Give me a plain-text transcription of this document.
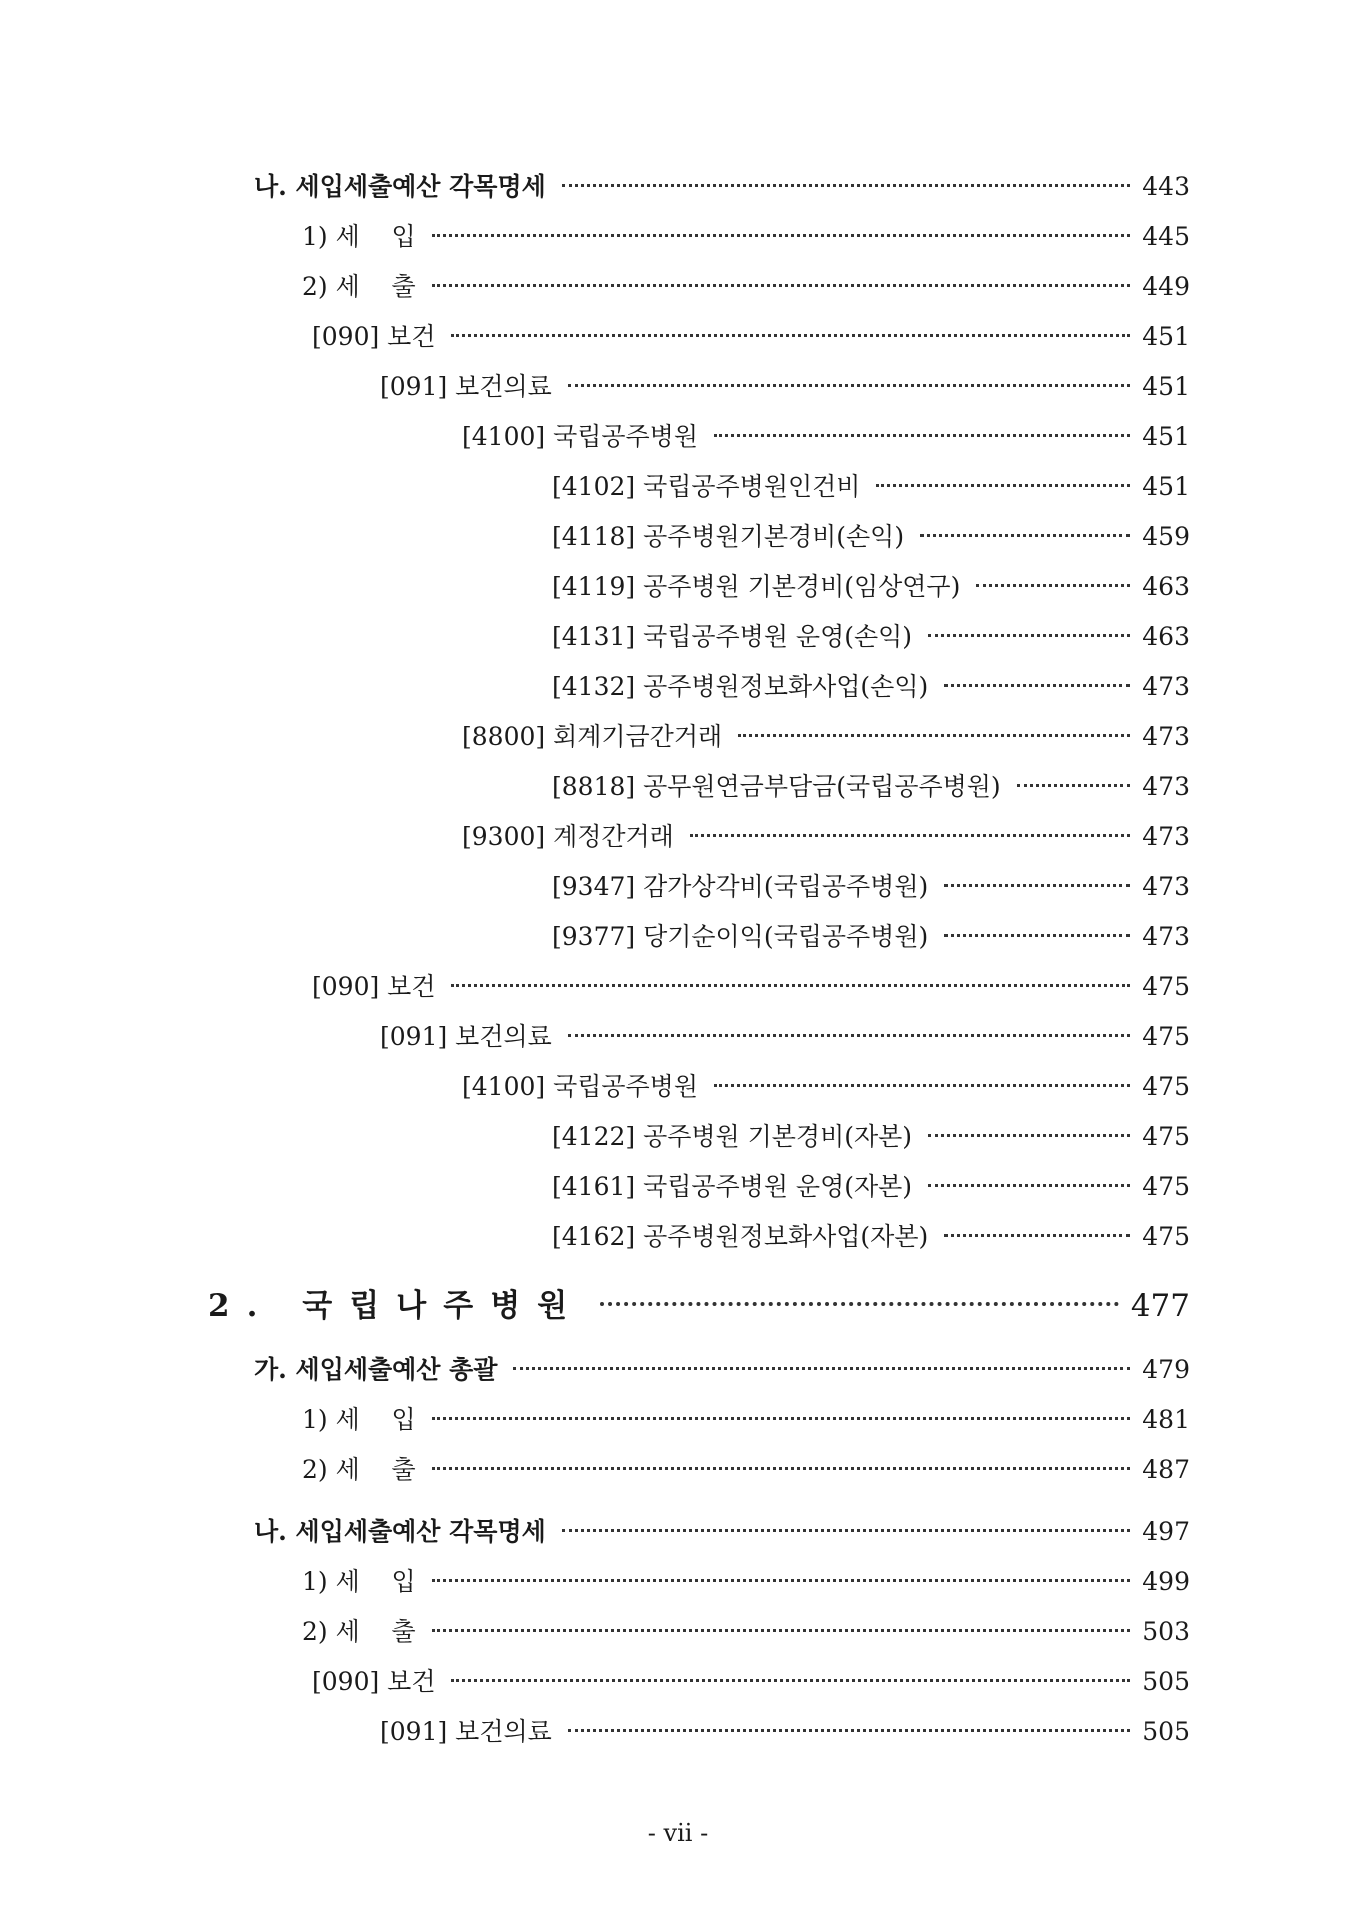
나. 세입세출예산 각목명세	443
1) 세    입	445
2) 세    출	449
[090] 보건	451
[091] 보건의료	451
[4100] 국립공주병원	451
[4102] 국립공주병원인건비	451
[4118] 공주병원기본경비(손익)	459
[4119] 공주병원 기본경비(임상연구)	463
[4131] 국립공주병원 운영(손익)	463
[4132] 공주병원정보화사업(손익)	473
[8800] 회계기금간거래	473
[8818] 공무원연금부담금(국립공주병원)	473
[9300] 계정간거래	473
[9347] 감가상각비(국립공주병원)	473
[9377] 당기순이익(국립공주병원)	473
[090] 보건	475
[091] 보건의료	475
[4100] 국립공주병원	475
[4122] 공주병원 기본경비(자본)	475
[4161] 국립공주병원 운영(자본)	475
[4162] 공주병원정보화사업(자본)	475
2. 국립나주병원	477
가. 세입세출예산 총괄	479
1) 세    입	481
2) 세    출	487
나. 세입세출예산 각목명세	497
1) 세    입	499
2) 세    출	503
[090] 보건	505
[091] 보건의료	505
- vii -
